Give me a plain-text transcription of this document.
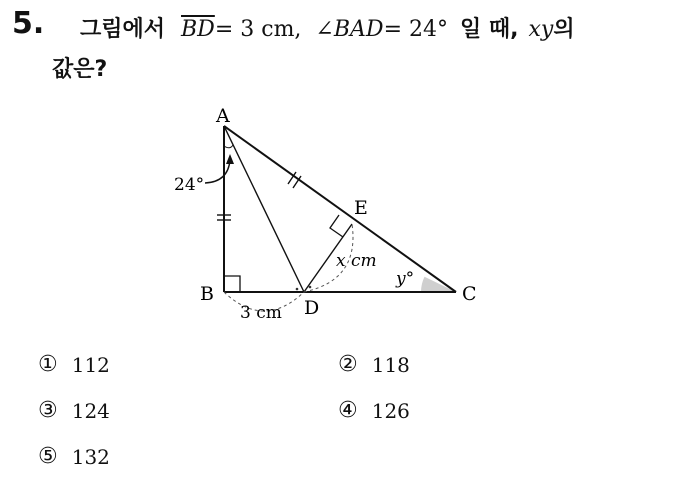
5. 그림에서 $\overline{BD} = 3$ cm, ∠ BAD = 24° 일 때, xy 의
값은?
A
B	C
D
E
24°
3 cm
x cm
y°
① 112	② 118
③ 124	④ 126
⑤ 132
